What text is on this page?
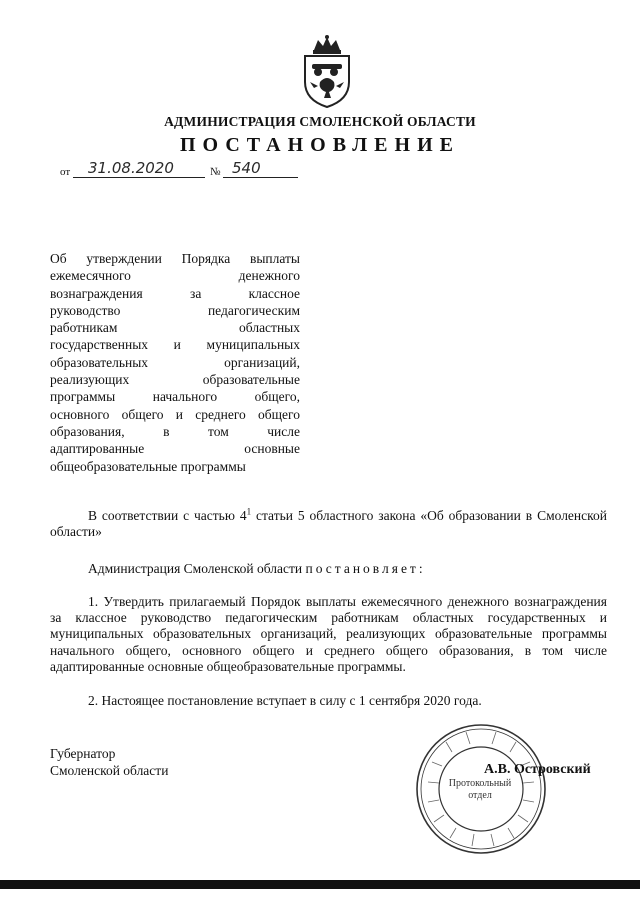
АДМИНИСТРАЦИЯ СМОЛЕНСКОЙ ОБЛАСТИ
ПОСТАНОВЛЕНИЕ
от 31.08.2020	№ 540
Об утверждении Порядка выплаты
ежемесячного денежного
вознаграждения за классное
руководство педагогическим
работникам областных
государственных и муниципальных
образовательных организаций,
реализующих образовательные
программы начального общего,
основного общего и среднего общего
образования, в том числе
адаптированные основные
общеобразовательные программы
В соответствии с частью $4^1$ статьи 5 областного закона «Об образовании в Смоленской области»
Администрация Смоленской области постановляет:
1. Утвердить прилагаемый Порядок выплаты ежемесячного денежного вознаграждения за классное руководство педагогическим работникам областных государственных и муниципальных образовательных организаций, реализующих образовательные программы начального общего, основного общего и среднего общего образования, в том числе адаптированные основные общеобразовательные программы.
2. Настоящее постановление вступает в силу с 1 сентября 2020 года.
Губернатор
Смоленской области
Протокольный
отдел
А.В. Островский
